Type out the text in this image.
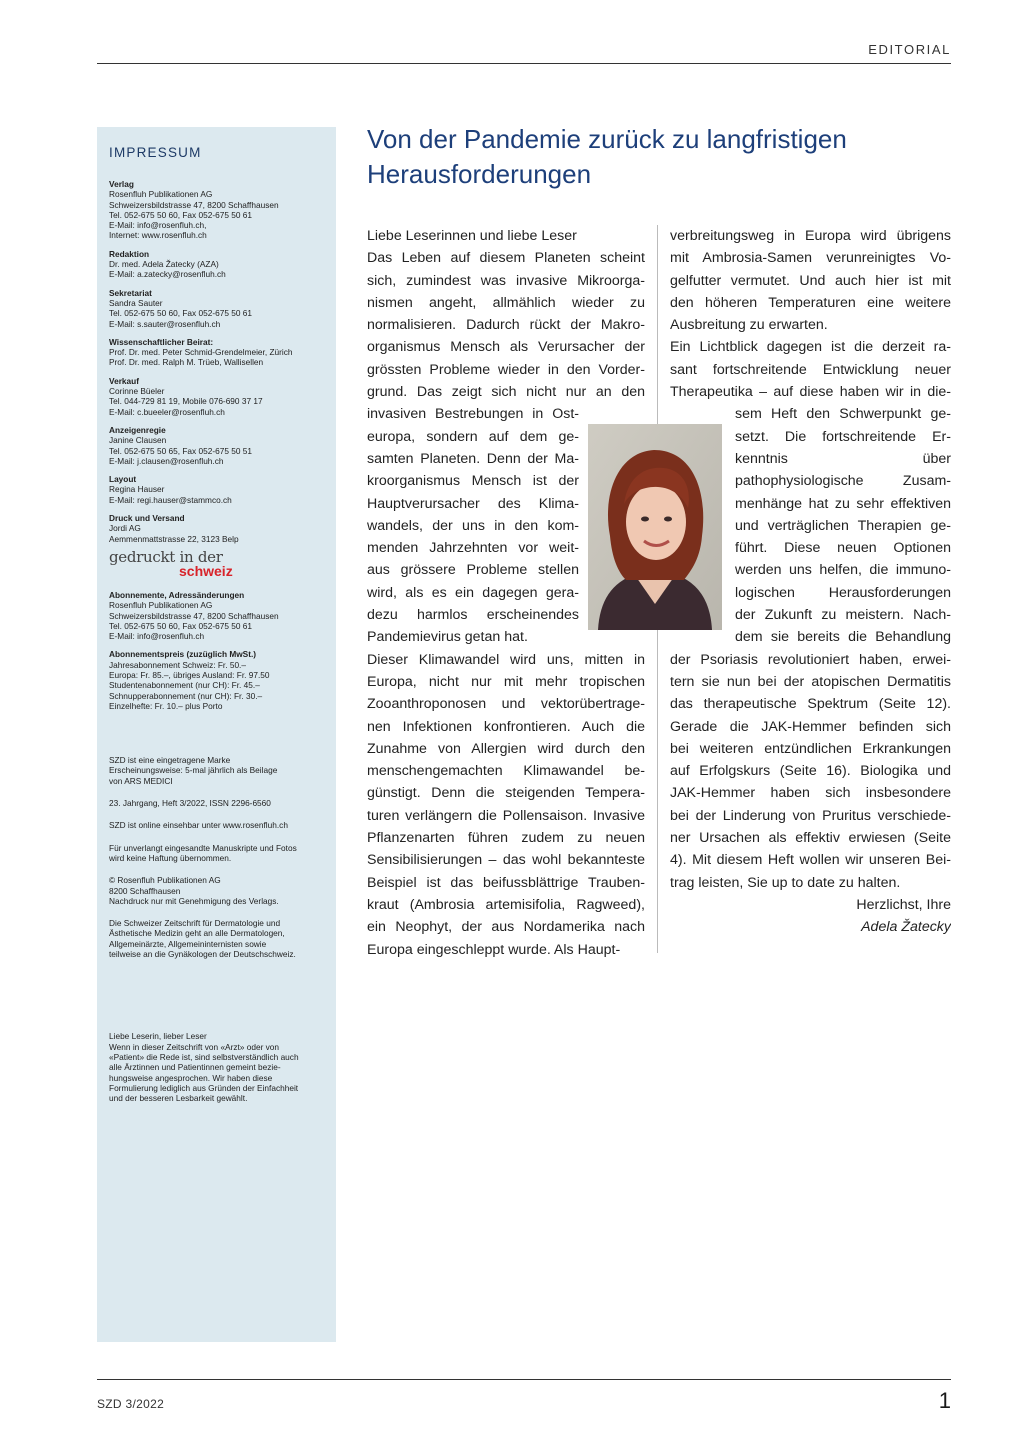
EDITORIAL
IMPRESSUM
Verlag
Rosenfluh Publikationen AG
Schweizersbildstrasse 47, 8200 Schaffhausen
Tel. 052-675 50 60, Fax 052-675 50 61
E-Mail: info@rosenfluh.ch,
Internet: www.rosenfluh.ch
Redaktion
Dr. med. Adela Žatecky (AZA)
E-Mail: a.zatecky@rosenfluh.ch
Sekretariat
Sandra Sauter
Tel. 052-675 50 60, Fax 052-675 50 61
E-Mail: s.sauter@rosenfluh.ch
Wissenschaftlicher Beirat:
Prof. Dr. med. Peter Schmid-Grendelmeier, Zürich
Prof. Dr. med. Ralph M. Trüeb, Wallisellen
Verkauf
Corinne Büeler
Tel. 044-729 81 19, Mobile 076-690 37 17
E-Mail: c.bueeler@rosenfluh.ch
Anzeigenregie
Janine Clausen
Tel. 052-675 50 65, Fax 052-675 50 51
E-Mail: j.clausen@rosenfluh.ch
Layout
Regina Hauser
E-Mail: regi.hauser@stammco.ch
Druck und Versand
Jordi AG
Aemmenmattstrasse 22, 3123 Belp
gedruckt in der
schweiz
Abonnemente, Adressänderungen
Rosenfluh Publikationen AG
Schweizersbildstrasse 47, 8200 Schaffhausen
Tel. 052-675 50 60, Fax 052-675 50 61
E-Mail: info@rosenfluh.ch
Abonnementspreis (zuzüglich MwSt.)
Jahresabonnement Schweiz: Fr. 50.–
Europa: Fr. 85.–, übriges Ausland: Fr. 97.50
Studentenabonnement (nur CH): Fr. 45.–
Schnupperabonnement (nur CH): Fr. 30.–
Einzelhefte: Fr. 10.– plus Porto
SZD ist eine eingetragene Marke
Erscheinungsweise: 5-mal jährlich als Beilage
von ARS MEDICI
23. Jahrgang, Heft 3/2022, ISSN 2296-6560
SZD ist online einsehbar unter www.rosenfluh.ch
Für unverlangt eingesandte Manuskripte und Fotos
wird keine Haftung übernommen.
© Rosenfluh Publikationen AG
8200 Schaffhausen
Nachdruck nur mit Genehmigung des Verlags.
Die Schweizer Zeitschrift für Dermatologie und
Ästhetische Medizin geht an alle Dermatologen,
Allgemeinärzte, Allgemeininternisten sowie
teilweise an die Gynäkologen der Deutschschweiz.
Liebe Leserin, lieber Leser
Wenn in dieser Zeitschrift von «Arzt» oder von
«Patient» die Rede ist, sind selbstverständlich auch
alle Ärztinnen und Patientinnen gemeint bezie-
hungsweise angesprochen. Wir haben diese
Formulierung lediglich aus Gründen der Einfachheit
und der besseren Lesbarkeit gewählt.
Von der Pandemie zurück zu langfristigen
Herausforderungen
Liebe Leserinnen und liebe Leser
Das Leben auf diesem Planeten scheint
sich, zumindest was invasive Mikroorga-
nismen angeht, allmählich wieder zu
normalisieren. Dadurch rückt der Makro-
organismus Mensch als Verursacher der
grössten Probleme wieder in den Vorder-
grund. Das zeigt sich nicht nur an den
invasiven Bestrebungen in Ost-
europa, sondern auf dem ge-
samten Planeten. Denn der Ma-
kroorganismus Mensch ist der
Hauptverursacher des Klima-
wandels, der uns in den kom-
menden Jahrzehnten vor weit-
aus grössere Probleme stellen
wird, als es ein dagegen gera-
dezu harmlos erscheinendes
Pandemievirus getan hat.
Dieser Klimawandel wird uns, mitten in
Europa, nicht nur mit mehr tropischen
Zooanthroponosen und vektorübertrage-
nen Infektionen konfrontieren. Auch die
Zunahme von Allergien wird durch den
menschengemachten Klimawandel be-
günstigt. Denn die steigenden Tempera-
turen verlängern die Pollensaison. Invasive
Pflanzenarten führen zudem zu neuen
Sensibilisierungen – das wohl bekannteste
Beispiel ist das beifussblättrige Trauben-
kraut (Ambrosia artemisifolia, Ragweed),
ein Neophyt, der aus Nordamerika nach
Europa eingeschleppt wurde. Als Haupt-
verbreitungsweg in Europa wird übrigens
mit Ambrosia-Samen verunreinigtes Vo-
gelfutter vermutet. Und auch hier ist mit
den höheren Temperaturen eine weitere
Ausbreitung zu erwarten.
Ein Lichtblick dagegen ist die derzeit ra-
sant fortschreitende Entwicklung neuer
Therapeutika – auf diese haben wir in die-
sem Heft den Schwerpunkt ge-
setzt. Die fortschreitende Er-
kenntnis über
pathophysiologische Zusam-
menhänge hat zu sehr effektiven
und verträglichen Therapien ge-
führt. Diese neuen Optionen
werden uns helfen, die immuno-
logischen Herausforderungen
der Zukunft zu meistern. Nach-
dem sie bereits die Behandlung
der Psoriasis revolutioniert haben, erwei-
tern sie nun bei der atopischen Dermatitis
das therapeutische Spektrum (Seite 12).
Gerade die JAK-Hemmer befinden sich
bei weiteren entzündlichen Erkrankungen
auf Erfolgskurs (Seite 16). Biologika und
JAK-Hemmer haben sich insbesondere
bei der Linderung von Pruritus verschiede-
ner Ursachen als effektiv erwiesen (Seite
4). Mit diesem Heft wollen wir unseren Bei-
trag leisten, Sie up to date zu halten.
Herzlichst, Ihre
Adela Žatecky
SZD 3/2022	1
